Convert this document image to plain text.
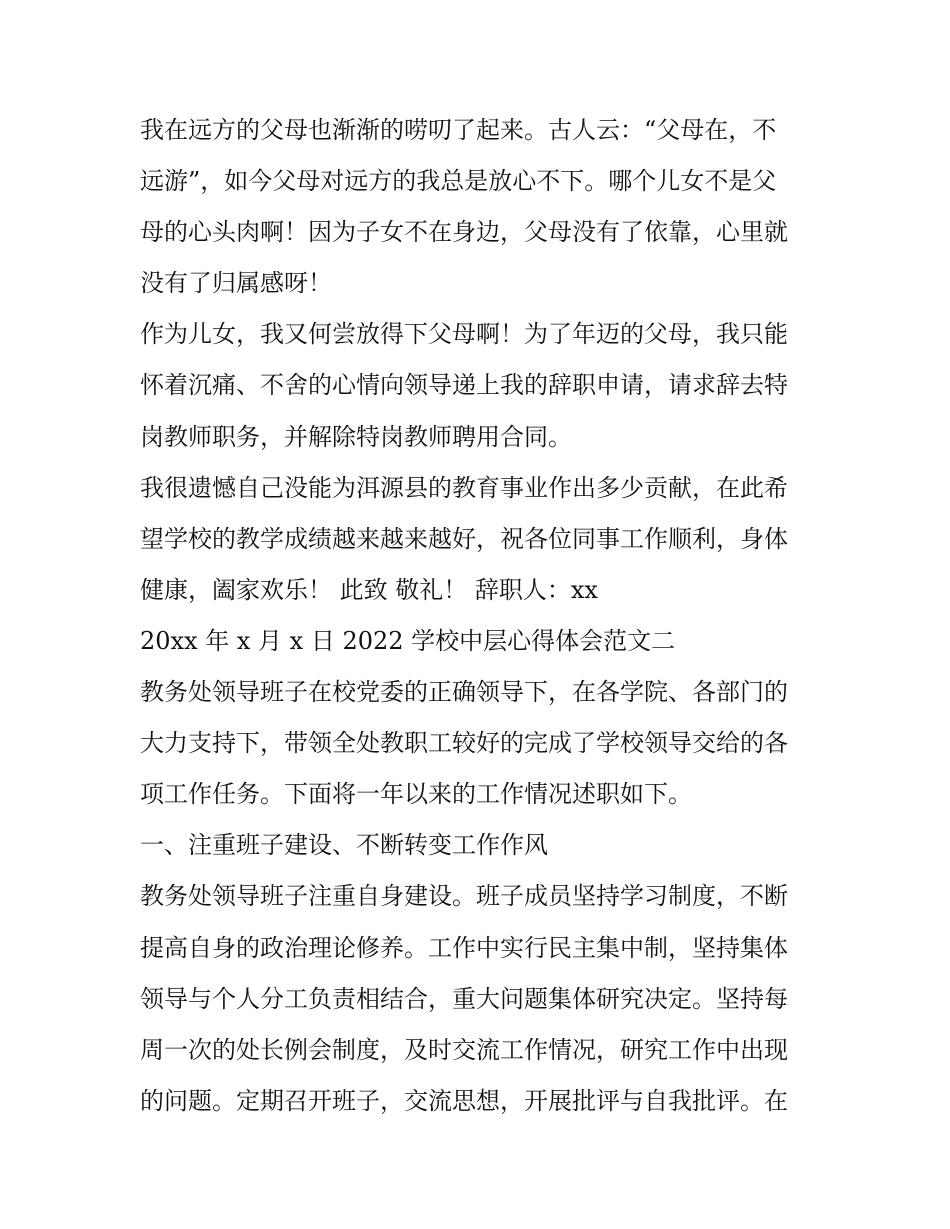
我在远方的父母也渐渐的唠叨了起来。古人云：“父母在，不
远游”，如今父母对远方的我总是放心不下。哪个儿女不是父
母的心头肉啊！因为子女不在身边，父母没有了依靠，心里就
没有了归属感呀！
作为儿女，我又何尝放得下父母啊！为了年迈的父母，我只能
怀着沉痛、不舍的心情向领导递上我的辞职申请，请求辞去特
岗教师职务，并解除特岗教师聘用合同。
我很遗憾自己没能为洱源县的教育事业作出多少贡献，在此希
望学校的教学成绩越来越来越好，祝各位同事工作顺利，身体
健康，阖家欢乐！ 此致 敬礼！ 辞职人：xx
20xx 年 x 月 x 日 2022 学校中层心得体会范文二
教务处领导班子在校党委的正确领导下，在各学院、各部门的
大力支持下，带领全处教职工较好的完成了学校领导交给的各
项工作任务。下面将一年以来的工作情况述职如下。
一、注重班子建设、不断转变工作作风
教务处领导班子注重自身建设。班子成员坚持学习制度，不断
提高自身的政治理论修养。工作中实行民主集中制，坚持集体
领导与个人分工负责相结合，重大问题集体研究决定。坚持每
周一次的处长例会制度，及时交流工作情况，研究工作中出现
的问题。定期召开班子，交流思想，开展批评与自我批评。在
